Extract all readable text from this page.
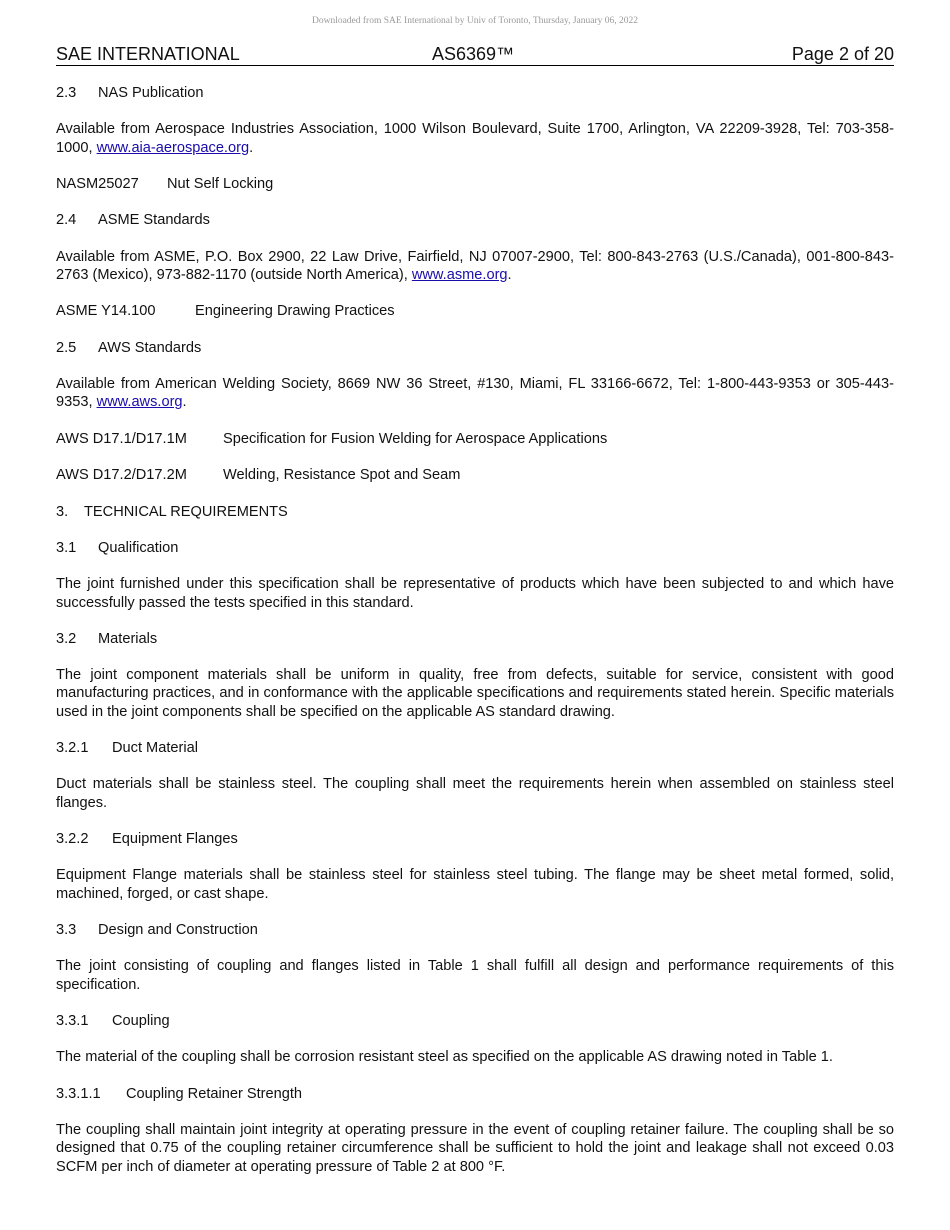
Downloaded from SAE International by Univ of Toronto, Thursday, January 06, 2022
SAE INTERNATIONAL	AS6369™	Page 2 of 20
2.3	NAS Publication
Available from Aerospace Industries Association, 1000 Wilson Boulevard, Suite 1700, Arlington, VA 22209-3928, Tel: 703-358-1000, www.aia-aerospace.org.
NASM25027	Nut Self Locking
2.4	ASME Standards
Available from ASME, P.O. Box 2900, 22 Law Drive, Fairfield, NJ 07007-2900, Tel: 800-843-2763 (U.S./Canada), 001-800-843-2763 (Mexico), 973-882-1170 (outside North America), www.asme.org.
ASME Y14.100	Engineering Drawing Practices
2.5	AWS Standards
Available from American Welding Society, 8669 NW 36 Street, #130, Miami, FL 33166-6672, Tel: 1-800-443-9353 or 305-443-9353, www.aws.org.
AWS D17.1/D17.1M	Specification for Fusion Welding for Aerospace Applications
AWS D17.2/D17.2M	Welding, Resistance Spot and Seam
3.	TECHNICAL REQUIREMENTS
3.1	Qualification
The joint furnished under this specification shall be representative of products which have been subjected to and which have successfully passed the tests specified in this standard.
3.2	Materials
The joint component materials shall be uniform in quality, free from defects, suitable for service, consistent with good manufacturing practices, and in conformance with the applicable specifications and requirements stated herein. Specific materials used in the joint components shall be specified on the applicable AS standard drawing.
3.2.1	Duct Material
Duct materials shall be stainless steel. The coupling shall meet the requirements herein when assembled on stainless steel flanges.
3.2.2	Equipment Flanges
Equipment Flange materials shall be stainless steel for stainless steel tubing. The flange may be sheet metal formed, solid, machined, forged, or cast shape.
3.3	Design and Construction
The joint consisting of coupling and flanges listed in Table 1 shall fulfill all design and performance requirements of this specification.
3.3.1	Coupling
The material of the coupling shall be corrosion resistant steel as specified on the applicable AS drawing noted in Table 1.
3.3.1.1	Coupling Retainer Strength
The coupling shall maintain joint integrity at operating pressure in the event of coupling retainer failure. The coupling shall be so designed that 0.75 of the coupling retainer circumference shall be sufficient to hold the joint and leakage shall not exceed 0.03 SCFM per inch of diameter at operating pressure of Table 2 at 800 °F.
